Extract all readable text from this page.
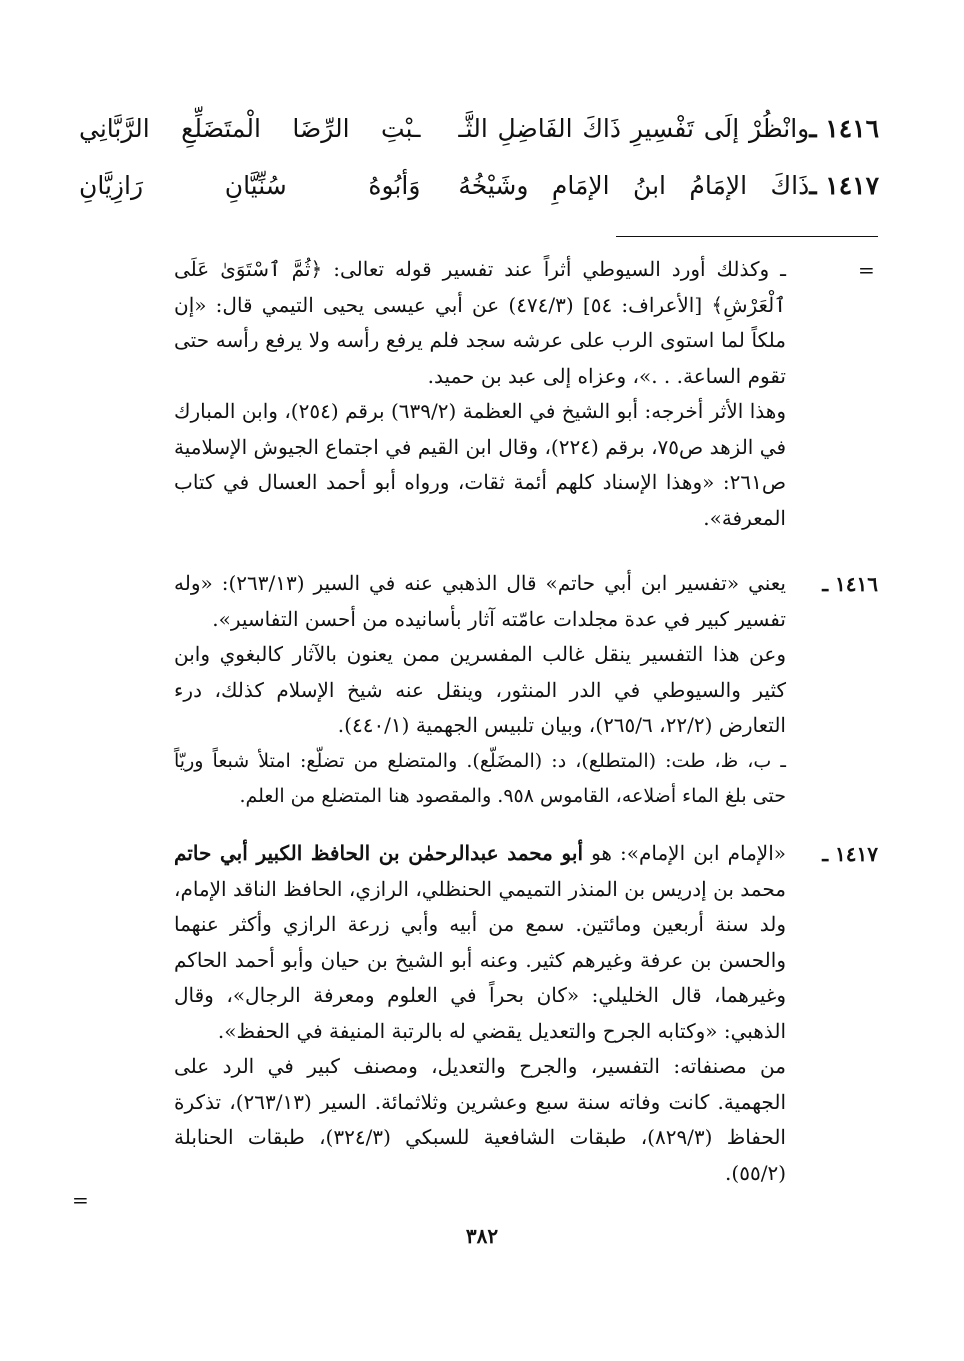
١٤١٦ ـ
وانْظُرْ إلَى تَفْسِيرِ ذَاكَ الفَاضِلِ الثَّـ
ـبْتِ الرِّضَا الْمتَضَلِّعِ الرَّبَّانِي
١٤١٧ ـ
ذَاكَ الإمَامُ ابنُ الإمَامِ وشَيْخُهُ
وَأبُوهُ سُنِّيَّانِ رَازِيَّانِ
=
ـ وكذلك أورد السيوطي أثراً عند تفسير قوله تعالى: ﴿ثُمَّ ٱسْتَوَىٰ عَلَى ٱلْعَرْشِ﴾ [الأعراف: ٥٤] (٤٧٤/٣) عن أبي عيسى يحيى التيمي قال: «إن ملكاً لما استوى الرب على عرشه سجد فلم يرفع رأسه ولا يرفع رأسه حتى تقوم الساعة. . .»، وعزاه إلى عبد بن حميد.
وهذا الأثر أخرجه: أبو الشيخ في العظمة (٦٣٩/٢) برقم (٢٥٤)، وابن المبارك في الزهد ص٧٥، برقم (٢٢٤)، وقال ابن القيم في اجتماع الجيوش الإسلامية ص٢٦١: «وهذا الإسناد كلهم أئمة ثقات، ورواه أبو أحمد العسال في كتاب المعرفة».
١٤١٦ ـ
يعني «تفسير ابن أبي حاتم» قال الذهبي عنه في السير (٢٦٣/١٣): «وله تفسير كبير في عدة مجلدات عامّته آثار بأسانيده من أحسن التفاسير».
وعن هذا التفسير ينقل غالب المفسرين ممن يعنون بالآثار كالبغوي وابن كثير والسيوطي في الدر المنثور، وينقل عنه شيخ الإسلام كذلك، درء التعارض (٢٢/٢، ٢٦٥/٦)، وبيان تلبيس الجهمية (٤٤٠/١).
ـ ب، ظ، طت: (المتطلع)، د: (المضَلّع). والمتضلع من تضلّع: امتلأ شبعاً وريّاً حتى بلغ الماء أضلاعه، القاموس ٩٥٨. والمقصود هنا المتضلع من العلم.
١٤١٧ ـ
«الإمام ابن الإمام»: هو أبو محمد عبدالرحمٰن بن الحافظ الكبير أبي حاتم محمد بن إدريس بن المنذر التميمي الحنظلي، الرازي، الحافظ الناقد الإمام، ولد سنة أربعين ومائتين. سمع من أبيه وأبي زرعة الرازي وأكثر عنهما والحسن بن عرفة وغيرهم كثير. وعنه أبو الشيخ بن حيان وأبو أحمد الحاكم وغيرهما، قال الخليلي: «كان بحراً في العلوم ومعرفة الرجال»، وقال الذهبي: «وكتابه الجرح والتعديل يقضي له بالرتبة المنيفة في الحفظ».
من مصنفاته: التفسير، والجرح والتعديل، ومصنف كبير في الرد على الجهمية. كانت وفاته سنة سبع وعشرين وثلاثمائة. السير (٢٦٣/١٣)، تذكرة الحفاظ (٨٢٩/٣)، طبقات الشافعية للسبكي (٣٢٤/٣)، طبقات الحنابلة (٥٥/٢).
=
٣٨٢
